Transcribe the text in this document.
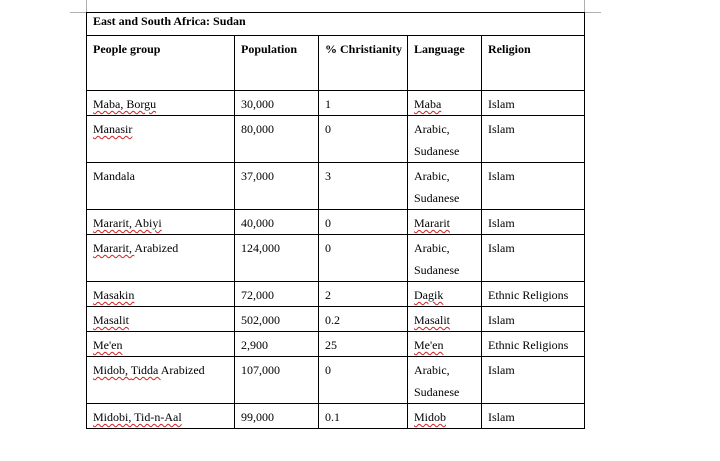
East and South Africa: Sudan				
People group	Population	% Christianity	Language	Religion
Maba, Borgu	30,000	1	Maba	Islam
Manasir	80,000	0	Arabic, Sudanese	Islam
Mandala	37,000	3	Arabic, Sudanese	Islam
Mararit, Abiyi	40,000	0	Mararit	Islam
Mararit, Arabized	124,000	0	Arabic, Sudanese	Islam
Masakin	72,000	2	Dagik	Ethnic Religions
Masalit	502,000	0.2	Masalit	Islam
Me'en	2,900	25	Me'en	Ethnic Religions
Midob, Tidda Arabized	107,000	0	Arabic, Sudanese	Islam
Midobi, Tid-n-Aal	99,000	0.1	Midob	Islam
